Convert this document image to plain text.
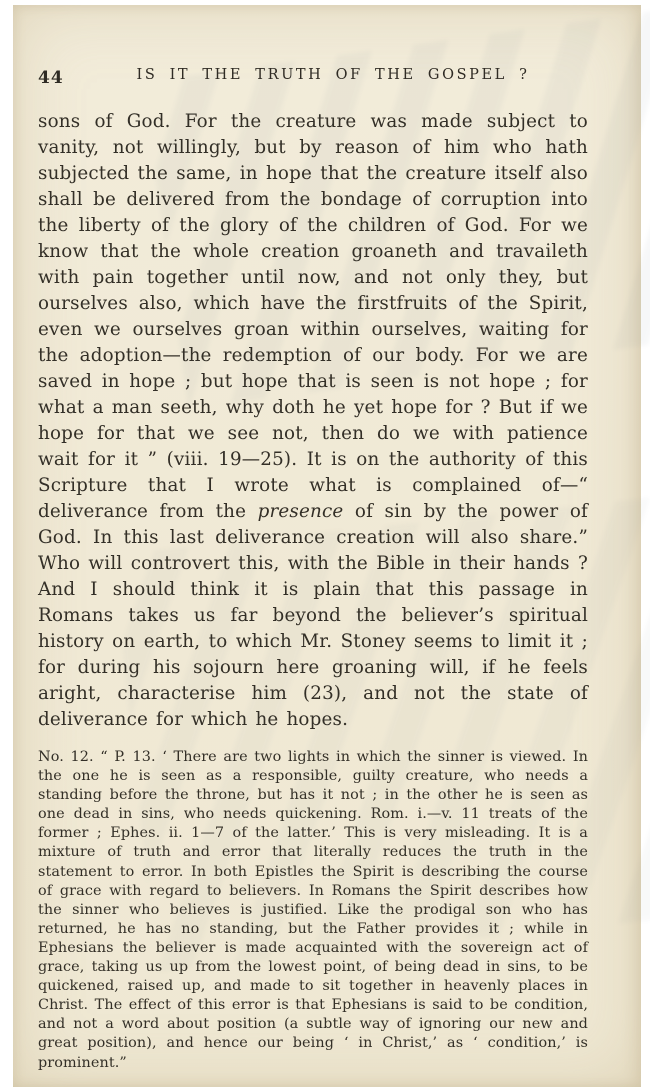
44	IS IT THE TRUTH OF THE GOSPEL ?

sons of God. For the creature was made subject to vanity, not willingly, but by reason of him who hath subjected the same, in hope that the creature itself also shall be delivered from the bondage of corruption into the liberty of the glory of the children of God. For we know that the whole creation groaneth and travaileth with pain together until now, and not only they, but ourselves also, which have the firstfruits of the Spirit, even we ourselves groan within ourselves, waiting for the adoption—the redemption of our body. For we are saved in hope ; but hope that is seen is not hope ; for what a man seeth, why doth he yet hope for ? But if we hope for that we see not, then do we with patience wait for it ” (viii. 19—25). It is on the authority of this Scripture that I wrote what is complained of—“ deliverance from the presence of sin by the power of God. In this last deliverance creation will also share.” Who will controvert this, with the Bible in their hands ? And I should think it is plain that this passage in Romans takes us far beyond the believer’s spiritual history on earth, to which Mr. Stoney seems to limit it ; for during his sojourn here groaning will, if he feels aright, characterise him (23), and not the state of deliverance for which he hopes.

No. 12. “ P. 13. ‘ There are two lights in which the sinner is viewed. In the one he is seen as a responsible, guilty creature, who needs a standing before the throne, but has it not ; in the other he is seen as one dead in sins, who needs quickening. Rom. i.—v. 11 treats of the former ; Ephes. ii. 1—7 of the latter.’ This is very misleading. It is a mixture of truth and error that literally reduces the truth in the statement to error. In both Epistles the Spirit is describing the course of grace with regard to believers. In Romans the Spirit describes how the sinner who believes is justified. Like the prodigal son who has returned, he has no standing, but the Father provides it ; while in Ephesians the believer is made acquainted with the sovereign act of grace, taking us up from the lowest point, of being dead in sins, to be quickened, raised up, and made to sit together in heavenly places in Christ. The effect of this error is that Ephesians is said to be condition, and not a word about position (a subtle way of ignoring our new and great position), and hence our being ‘ in Christ,’ as ‘ condition,’ is prominent.”
